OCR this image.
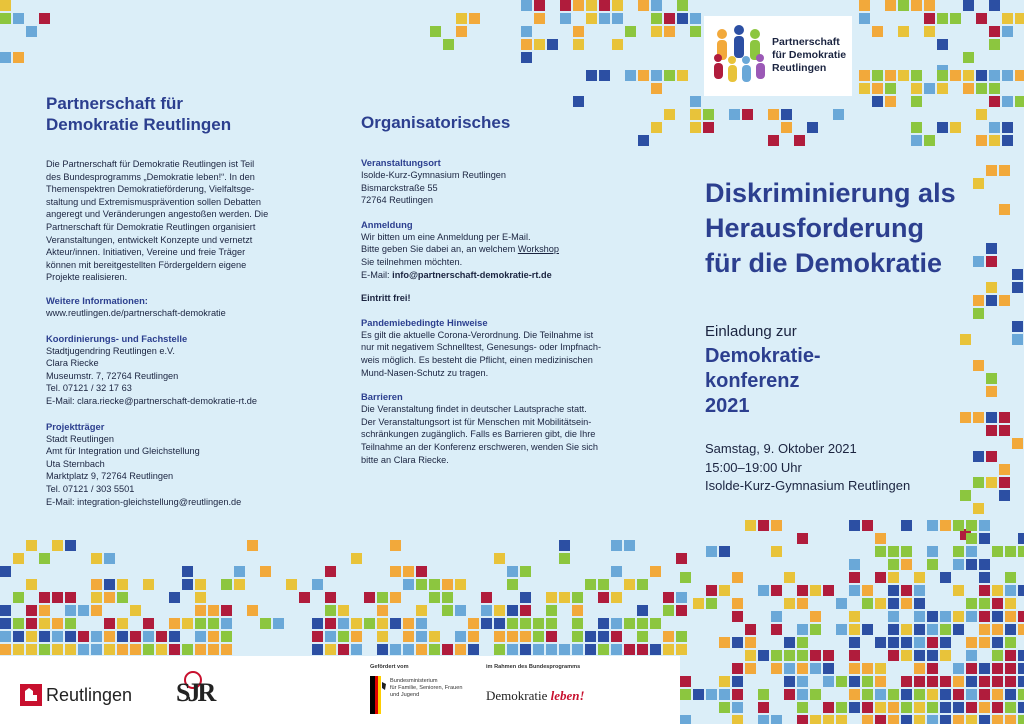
Partnerschaft für
Demokratie Reutlingen
Die Partnerschaft für Demokratie Reutlingen ist Teil
des Bundesprogramms „Demokratie leben!“. In den
Themenspektren Demokratieförderung, Vielfaltsge-
staltung und Extremismusprävention sollen Debatten
angeregt und Veränderungen angestoßen werden. Die
Partnerschaft für Demokratie Reutlingen organisiert
Veranstaltungen, entwickelt Konzepte und vernetzt
Akteur/innen. Initiativen, Vereine und freie Träger
können mit bereitgestellten Fördergeldern eigene
Projekte realisieren.
Weitere Informationen:
www.reutlingen.de/partnerschaft-demokratie
Koordinierungs- und Fachstelle
Stadtjugendring Reutlingen e.V.
Clara Riecke
Museumstr. 7, 72764 Reutlingen
Tel. 07121 / 32 17 63
E-Mail: clara.riecke@partnerschaft-demokratie-rt.de
Projektträger
Stadt Reutlingen
Amt für Integration und Gleichstellung
Uta Sternbach
Marktplatz 9, 72764 Reutlingen
Tel. 07121 / 303 5501
E-Mail: integration-gleichstellung@reutlingen.de
Organisatorisches
Veranstaltungsort
Isolde-Kurz-Gymnasium Reutlingen
Bismarckstraße 55
72764 Reutlingen
Anmeldung
Wir bitten um eine Anmeldung per E-Mail.
Bitte geben Sie dabei an, an welchem Workshop
Sie teilnehmen möchten.
E-Mail: info@partnerschaft-demokratie-rt.de
Eintritt frei!
Pandemiebedingte Hinweise
Es gilt die aktuelle Corona-Verordnung. Die Teilnahme ist
nur mit negativem Schnelltest, Genesungs- oder Impfnach-
weis möglich. Es besteht die Pflicht, einen medizinischen
Mund-Nasen-Schutz zu tragen.
Barrieren
Die Veranstaltung findet in deutscher Lautsprache statt.
Der Veranstaltungsort ist für Menschen mit Mobilitätsein-
schränkungen zugänglich. Falls es Barrieren gibt, die Ihre
Teilnahme an der Konferenz erschweren, wenden Sie sich
bitte an Clara Riecke.
Partnerschaft
für Demokratie
Reutlingen
Diskriminierung als
Herausforderung
für die Demokratie
Einladung zur
Demokratie-
konferenz
2021
Samstag, 9. Oktober 2021
15:00–19:00 Uhr
Isolde-Kurz-Gymnasium Reutlingen
Reutlingen SJR
Gefördert vom
Bundesministerium
für Familie, Senioren, Frauen
und Jugend
im Rahmen des Bundesprogramms
Demokratie leben!
